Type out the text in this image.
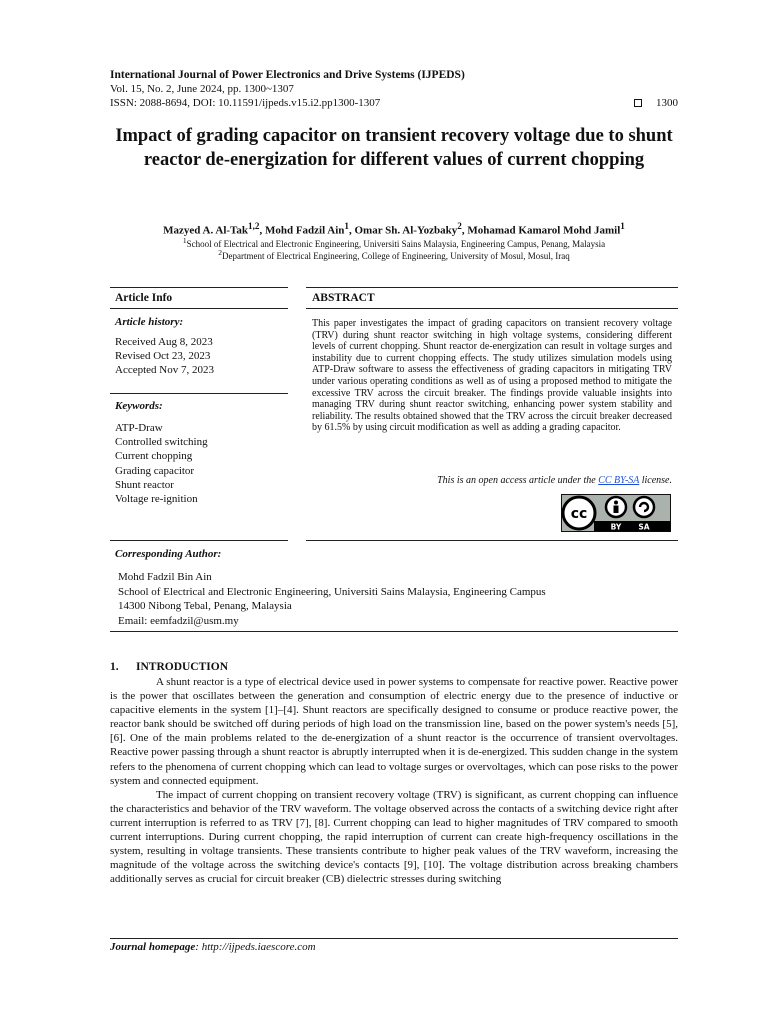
International Journal of Power Electronics and Drive Systems (IJPEDS)
Vol. 15, No. 2, June 2024, pp. 1300~1307
ISSN: 2088-8694, DOI: 10.11591/ijpeds.v15.i2.pp1300-1307	1300
Impact of grading capacitor on transient recovery voltage due to shunt reactor de-energization for different values of current chopping
Mazyed A. Al-Tak$^{1,2}$, Mohd Fadzil Ain$^1$, Omar Sh. Al-Yozbaky$^2$, Mohamad Kamarol Mohd Jamil$^1$
$^1$School of Electrical and Electronic Engineering, Universiti Sains Malaysia, Engineering Campus, Penang, Malaysia
$^2$Department of Electrical Engineering, College of Engineering, University of Mosul, Mosul, Iraq
Article Info	ABSTRACT
Article history:
Received Aug 8, 2023
Revised Oct 23, 2023
Accepted Nov 7, 2023
Keywords:
ATP-Draw
Controlled switching
Current chopping
Grading capacitor
Shunt reactor
Voltage re-ignition
This paper investigates the impact of grading capacitors on transient recovery voltage (TRV) during shunt reactor switching in high voltage systems, considering different levels of current chopping. Shunt reactor de-energization can result in voltage surges and instability due to current chopping effects. The study utilizes simulation models using ATP-Draw software to assess the effectiveness of grading capacitors in mitigating TRV under various operating conditions as well as of using a proposed method to mitigate the excessive TRV across the circuit breaker. The findings provide valuable insights into managing TRV during shunt reactor switching, enhancing power system stability and reliability. The results obtained showed that the TRV across the circuit breaker decreased by 61.5% by using circuit modification as well as adding a grading capacitor.
This is an open access article under the CC BY-SA license.
cc
BY SA
Corresponding Author:
Mohd Fadzil Bin Ain
School of Electrical and Electronic Engineering, Universiti Sains Malaysia, Engineering Campus
14300 Nibong Tebal, Penang, Malaysia
Email: eemfadzil@usm.my
1. INTRODUCTION

A shunt reactor is a type of electrical device used in power systems to compensate for reactive power. Reactive power is the power that oscillates between the generation and consumption of electric energy due to the presence of inductive or capacitive elements in the system [1]–[4]. Shunt reactors are specifically designed to consume or produce reactive power, the reactor bank should be switched off during periods of high load on the transmission line, based on the power system's needs [5], [6]. One of the main problems related to the de-energization of a shunt reactor is the occurrence of transient overvoltages. Reactive power passing through a shunt reactor is abruptly interrupted when it is de-energized. This sudden change in the system refers to the phenomena of current chopping which can lead to voltage surges or overvoltages, which can pose risks to the power system and connected equipment.

The impact of current chopping on transient recovery voltage (TRV) is significant, as current chopping can influence the characteristics and behavior of the TRV waveform. The voltage observed across the contacts of a switching device right after current interruption is referred to as TRV [7], [8]. Current chopping can lead to higher magnitudes of TRV compared to smooth current interruptions. During current chopping, the rapid interruption of current can create high-frequency oscillations in the system, resulting in voltage transients. These transients contribute to higher peak values of the TRV waveform, increasing the magnitude of the voltage across the switching device's contacts [9], [10]. The voltage distribution across breaking chambers additionally serves as crucial for circuit breaker (CB) dielectric stresses during switching

Journal homepage: http://ijpeds.iaescore.com
